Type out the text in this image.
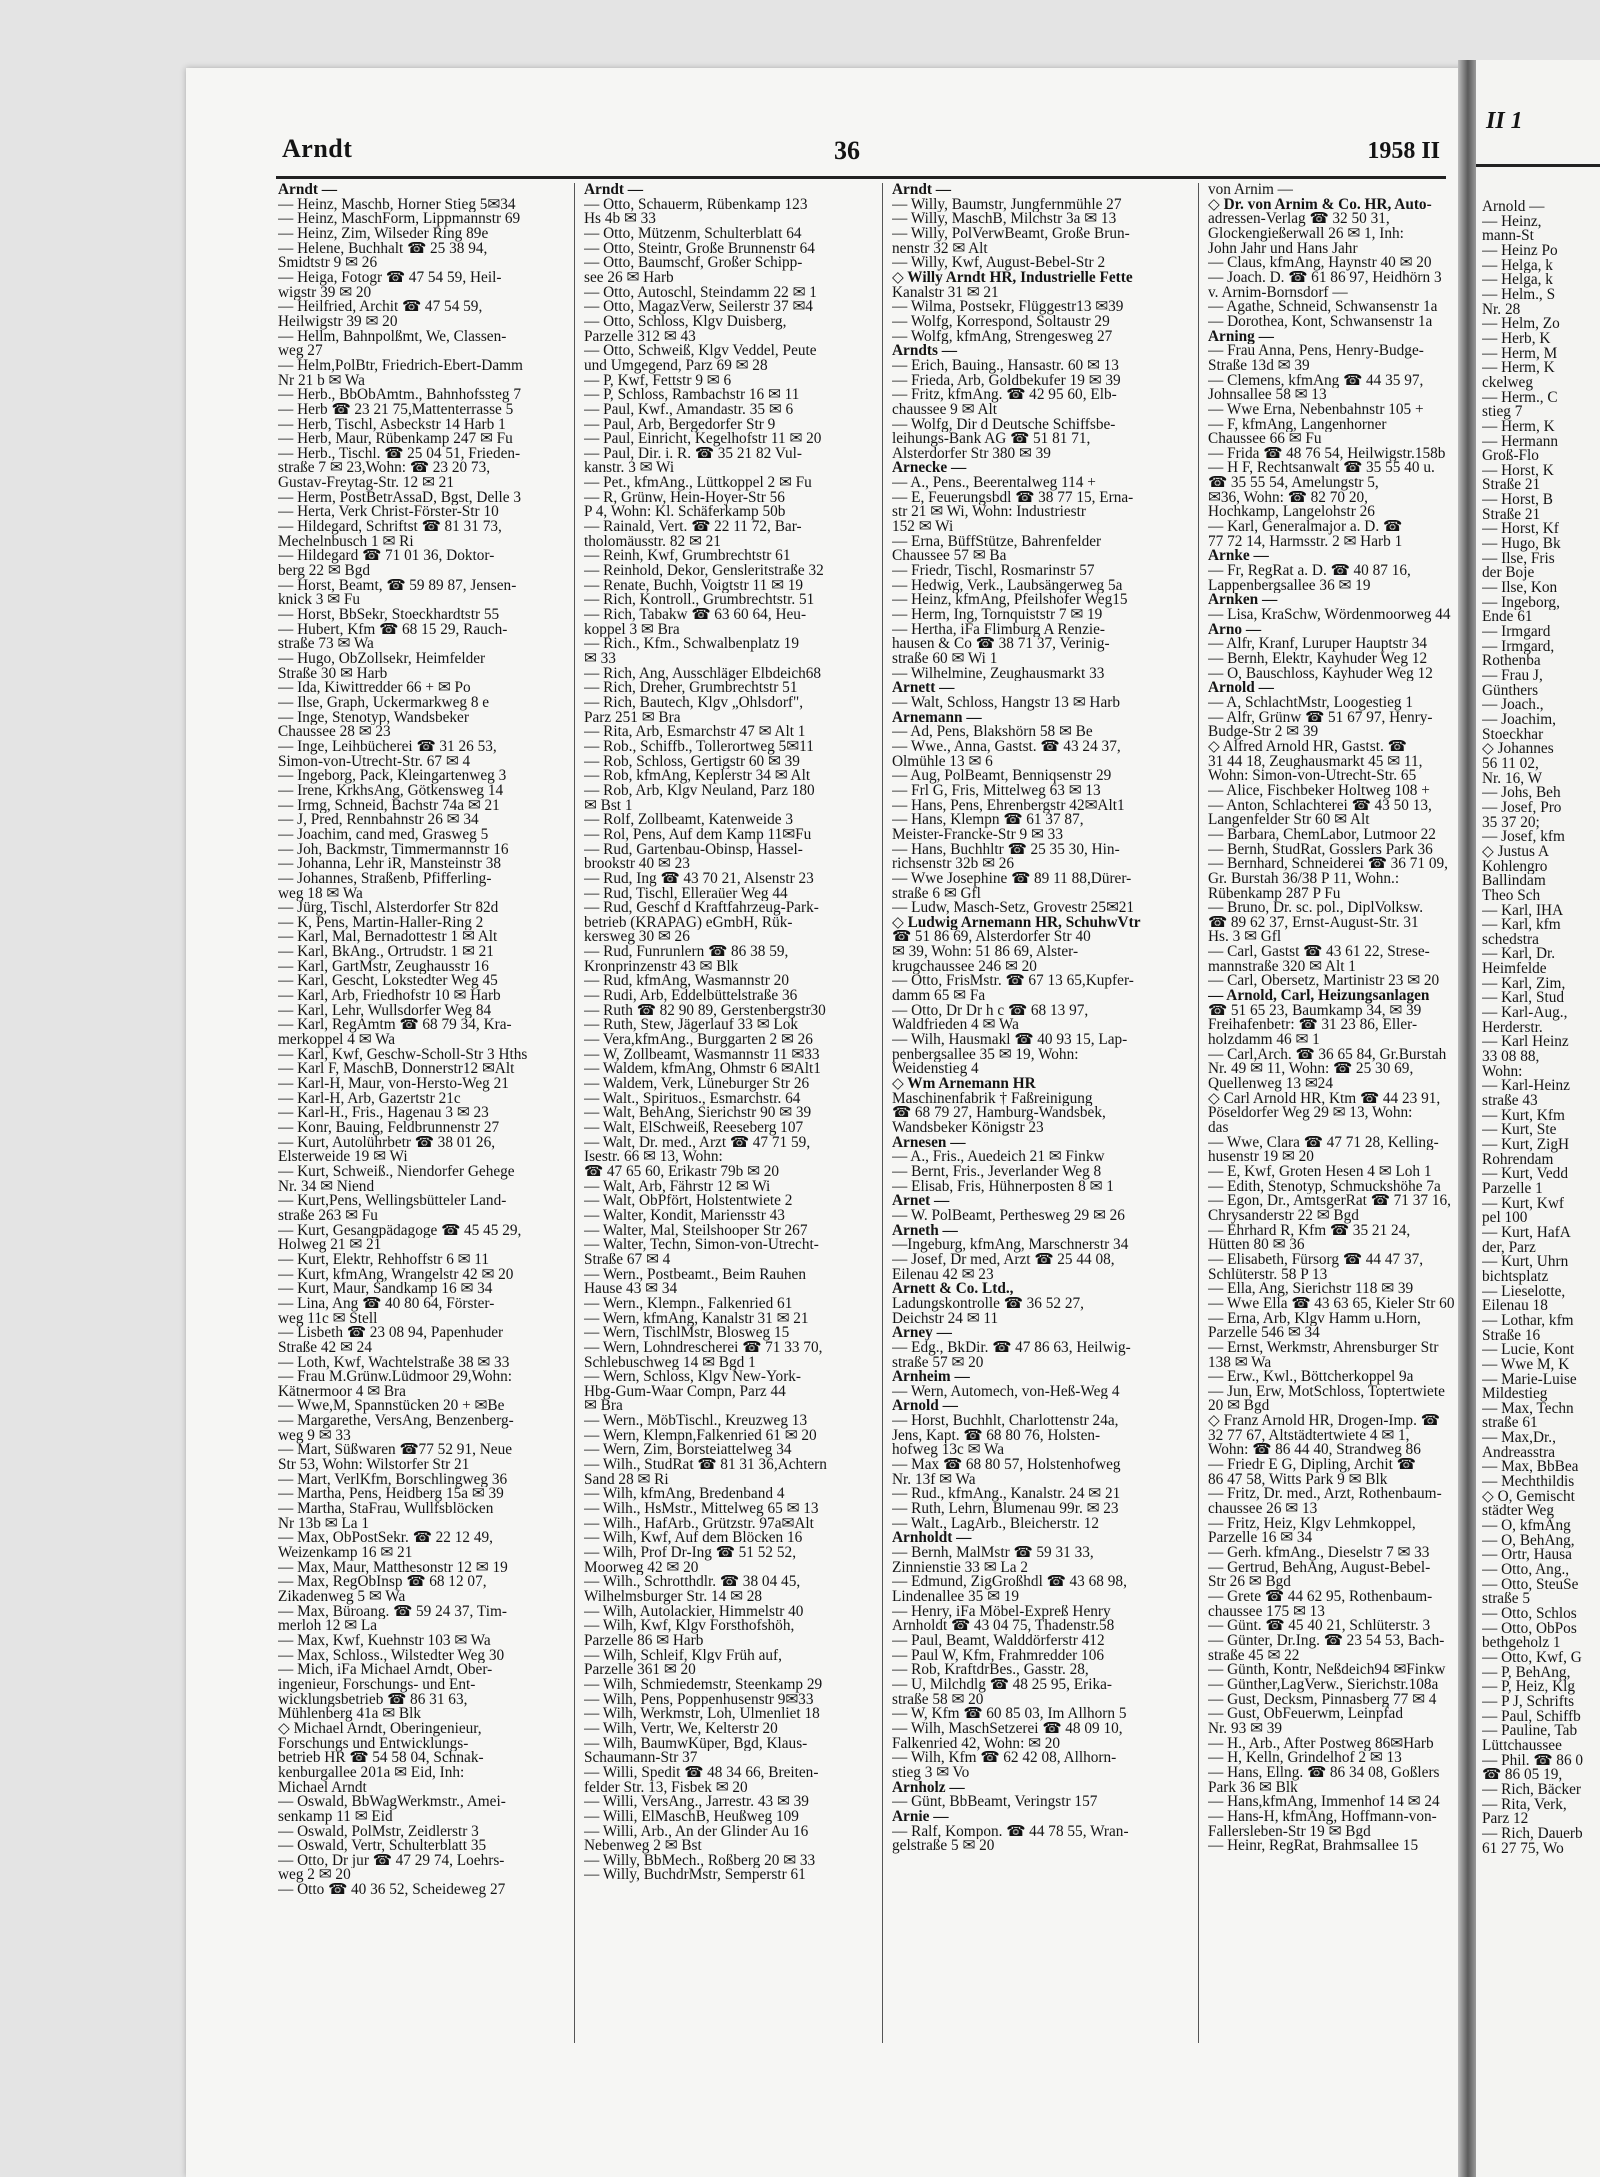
Arndt	36	1958 II

Arndt —

— Heinz, Maschb, Horner Stieg 5✉34

— Heinz, MaschForm, Lippmannstr 69

— Heinz, Zim, Wilseder Ring 89e

— Helene, Buchhalt ☎ 25 38 94,

Smidtstr 9 ✉ 26

— Heiga, Fotogr ☎ 47 54 59, Heil-

wigstr 39 ✉ 20

— Heilfried, Archit ☎ 47 54 59,

Heilwigstr 39 ✉ 20

— Hellm, Bahnpolßmt, We, Classen-

weg 27

— Helm,PolBtr, Friedrich-Ebert-Damm

Nr 21 b ✉ Wa

— Herb., BbObAmtm., Bahnhofssteg 7

— Herb ☎ 23 21 75,Mattenterrasse 5

— Herb, Tischl, Asbeckstr 14 Harb 1

— Herb, Maur, Rübenkamp 247 ✉ Fu

— Herb., Tischl. ☎ 25 04 51, Frieden-

straße 7 ✉ 23,Wohn: ☎ 23 20 73,

Gustav-Freytag-Str. 12 ✉ 21

— Herm, PostBetrAssaD, Bgst, Delle 3

— Herta, Verk Christ-Förster-Str 10

— Hildegard, Schriftst ☎ 81 31 73,

Mechelnbusch 1 ✉ Ri

— Hildegard ☎ 71 01 36, Doktor-

berg 22 ✉ Bgd

— Horst, Beamt, ☎ 59 89 87, Jensen-

knick 3 ✉ Fu

— Horst, BbSekr, Stoeckhardtstr 55

— Hubert, Kfm ☎ 68 15 29, Rauch-

straße 73 ✉ Wa

— Hugo, ObZollsekr, Heimfelder

Straße 30 ✉ Harb

— Ida, Kiwittredder 66 + ✉ Po

— Ilse, Graph, Uckermarkweg 8 e

— Inge, Stenotyp, Wandsbeker

Chaussee 28 ✉ 23

— Inge, Leihbücherei ☎ 31 26 53,

Simon-von-Utrecht-Str. 67 ✉ 4

— Ingeborg, Pack, Kleingartenweg 3

— Irene, KrkhsAng, Götkensweg 14

— Irmg, Schneid, Bachstr 74a ✉ 21

— J, Pred, Rennbahnstr 26 ✉ 34

— Joachim, cand med, Grasweg 5

— Joh, Backmstr, Timmermannstr 16

— Johanna, Lehr iR, Mansteinstr 38

— Johannes, Straßenb, Pfifferling-

weg 18 ✉ Wa

— Jürg, Tischl, Alsterdorfer Str 82d

— K, Pens, Martin-Haller-Ring 2

— Karl, Mal, Bernadottestr 1 ✉ Alt

— Karl, BkAng., Ortrudstr. 1 ✉ 21

— Karl, GartMstr, Zeughausstr 16

— Karl, Gescht, Lokstedter Weg 45

— Karl, Arb, Friedhofstr 10 ✉ Harb

— Karl, Lehr, Wullsdorfer Weg 84

— Karl, RegAmtm ☎ 68 79 34, Kra-

merkoppel 4 ✉ Wa

— Karl, Kwf, Geschw-Scholl-Str 3 Hths

— Karl F, MaschB, Donnerstr12 ✉Alt

— Karl-H, Maur, von-Hersto-Weg 21

— Karl-H, Arb, Gazertstr 21c

— Karl-H., Fris., Hagenau 3 ✉ 23

— Konr, Bauing, Feldbrunnenstr 27

— Kurt, Autolührbetr ☎ 38 01 26,

Elsterweide 19 ✉ Wi

— Kurt, Schweiß., Niendorfer Gehege

Nr. 34 ✉ Niend

— Kurt,Pens, Wellingsbütteler Land-

straße 263 ✉ Fu

— Kurt, Gesangpädagoge ☎ 45 45 29,

Holweg 21 ✉ 21

— Kurt, Elektr, Rehhoffstr 6 ✉ 11

— Kurt, kfmAng, Wrangelstr 42 ✉ 20

— Kurt, Maur, Sandkamp 16 ✉ 34

— Lina, Ang ☎ 40 80 64, Förster-

weg 11c ✉ Stell

— Lisbeth ☎ 23 08 94, Papenhuder

Straße 42 ✉ 24

— Loth, Kwf, Wachtelstraße 38 ✉ 33

— Frau M.Grünw.Lüdmoor 29,Wohn:

Kätnermoor 4 ✉ Bra

— Wwe,M, Spannstücken 20 + ✉Be

— Margarethe, VersAng, Benzenberg-

weg 9 ✉ 33

— Mart, Süßwaren ☎77 52 91, Neue

Str 53, Wohn: Wilstorfer Str 21

— Mart, VerlKfm, Borschlingweg 36

— Martha, Pens, Heidberg 15a ✉ 39

— Martha, StaFrau, Wullfsblöcken

Nr 13b ✉ La 1

— Max, ObPostSekr. ☎ 22 12 49,

Weizenkamp 16 ✉ 21

— Max, Maur, Matthesonstr 12 ✉ 19

— Max, RegObInsp ☎ 68 12 07,

Zikadenweg 5 ✉ Wa

— Max, Büroang. ☎ 59 24 37, Tim-

merloh 12 ✉ La

— Max, Kwf, Kuehnstr 103 ✉ Wa

— Max, Schloss., Wilstedter Weg 30

— Mich, iFa Michael Arndt, Ober-

ingenieur, Forschungs- und Ent-

wicklungsbetrieb ☎ 86 31 63,

Mühlenberg 41a ✉ Blk

◇ Michael Arndt, Oberingenieur,

Forschungs und Entwicklungs-

betrieb HR ☎ 54 58 04, Schnak-

kenburgallee 201a ✉ Eid, Inh:

Michael Arndt

— Oswald, BbWagWerkmstr., Amei-

senkamp 11 ✉ Eid

— Oswald, PolMstr, Zeidlerstr 3

— Oswald, Vertr, Schulterblatt 35

— Otto, Dr jur ☎ 47 29 74, Loehrs-

weg 2 ✉ 20

— Otto ☎ 40 36 52, Scheideweg 27

Arndt —

— Otto, Schauerm, Rübenkamp 123

Hs 4b ✉ 33

— Otto, Mützenm, Schulterblatt 64

— Otto, Steintr, Große Brunnenstr 64

— Otto, Baumschf, Großer Schipp-

see 26 ✉ Harb

— Otto, Autoschl, Steindamm 22 ✉ 1

— Otto, MagazVerw, Seilerstr 37 ✉4

— Otto, Schloss, Klgv Duisberg,

Parzelle 312 ✉ 43

— Otto, Schweiß, Klgv Veddel, Peute

und Umgegend, Parz 69 ✉ 28

— P, Kwf, Fettstr 9 ✉ 6

— P, Schloss, Rambachstr 16 ✉ 11

— Paul, Kwf., Amandastr. 35 ✉ 6

— Paul, Arb, Bergedorfer Str 9

— Paul, Einricht, Kegelhofstr 11 ✉ 20

— Paul, Dir. i. R. ☎ 35 21 82 Vul-

kanstr. 3 ✉ Wi

— Pet., kfmAng., Lüttkoppel 2 ✉ Fu

— R, Grünw, Hein-Hoyer-Str 56

P 4, Wohn: Kl. Schäferkamp 50b

— Rainald, Vert. ☎ 22 11 72, Bar-

tholomäusstr. 82 ✉ 21

— Reinh, Kwf, Grumbrechtstr 61

— Reinhold, Dekor, Gensleritstraße 32

— Renate, Buchh, Voigtstr 11 ✉ 19

— Rich, Kontroll., Grumbrechtstr. 51

— Rich, Tabakw ☎ 63 60 64, Heu-

koppel 3 ✉ Bra

— Rich., Kfm., Schwalbenplatz 19

✉ 33

— Rich, Ang, Ausschläger Elbdeich68

— Rich, Dreher, Grumbrechtstr 51

— Rich, Bautech, Klgv „Ohlsdorf",

Parz 251 ✉ Bra

— Rita, Arb, Esmarchstr 47 ✉ Alt 1

— Rob., Schiffb., Tollerortweg 5✉11

— Rob, Schloss, Gertigstr 60 ✉ 39

— Rob, kfmAng, Keplerstr 34 ✉ Alt

— Rob, Arb, Klgv Neuland, Parz 180

✉ Bst 1

— Rolf, Zollbeamt, Katenweide 3

— Rol, Pens, Auf dem Kamp 11✉Fu

— Rud, Gartenbau-Obinsp, Hassel-

brookstr 40 ✉ 23

— Rud, Ing ☎ 43 70 21, Alsenstr 23

— Rud, Tischl, Elleraüer Weg 44

— Rud, Geschf d Kraftfahrzeug-Park-

betrieb (KRAPAG) eGmbH, Rük-

kersweg 30 ✉ 26

— Rud, Funrunlern ☎ 86 38 59,

Kronprinzenstr 43 ✉ Blk

— Rud, kfmAng, Wasmannstr 20

— Rudi, Arb, Eddelbüttelstraße 36

— Ruth ☎ 82 90 89, Gerstenbergstr30

— Ruth, Stew, Jägerlauf 33 ✉ Lok

— Vera,kfmAng., Burggarten 2 ✉ 26

— W, Zollbeamt, Wasmannstr 11 ✉33

— Waldem, kfmAng, Ohmstr 6 ✉Alt1

— Waldem, Verk, Lüneburger Str 26

— Walt., Spirituos., Esmarchstr. 64

— Walt, BehAng, Sierichstr 90 ✉ 39

— Walt, ElSchweiß, Reeseberg 107

— Walt, Dr. med., Arzt ☎ 47 71 59,

Isestr. 66 ✉ 13, Wohn:

☎ 47 65 60, Erikastr 79b ✉ 20

— Walt, Arb, Fährstr 12 ✉ Wi

— Walt, ObPfört, Holstentwiete 2

— Walter, Kondit, Mariensstr 43

— Walter, Mal, Steilshooper Str 267

— Walter, Techn, Simon-von-Utrecht-

Straße 67 ✉ 4

— Wern., Postbeamt., Beim Rauhen

Hause 43 ✉ 34

— Wern., Klempn., Falkenried 61

— Wern, kfmAng, Kanalstr 31 ✉ 21

— Wern, TischlMstr, Blosweg 15

— Wern, Lohndrescherei ☎ 71 33 70,

Schlebuschweg 14 ✉ Bgd 1

— Wern, Schloss, Klgv New-York-

Hbg-Gum-Waar Compn, Parz 44

✉ Bra

— Wern., MöbTischl., Kreuzweg 13

— Wern, Klempn,Falkenried 61 ✉ 20

— Wern, Zim, Borsteiattelweg 34

— Wilh., StudRat ☎ 81 31 36,Achtern

Sand 28 ✉ Ri

— Wilh, kfmAng, Bredenband 4

— Wilh., HsMstr., Mittelweg 65 ✉ 13

— Wilh., HafArb., Grützstr. 97a✉Alt

— Wilh, Kwf, Auf dem Blöcken 16

— Wilh, Prof Dr-Ing ☎ 51 52 52,

Moorweg 42 ✉ 20

— Wilh., Schrotthdlr. ☎ 38 04 45,

Wilhelmsburger Str. 14 ✉ 28

— Wilh, Autolackier, Himmelstr 40

— Wilh, Kwf, Klgv Forsthofshöh,

Parzelle 86 ✉ Harb

— Wilh, Schleif, Klgv Früh auf,

Parzelle 361 ✉ 20

— Wilh, Schmiedemstr, Steenkamp 29

— Wilh, Pens, Poppenhusenstr 9✉33

— Wilh, Werkmstr, Loh, Ulmenliet 18

— Wilh, Vertr, We, Kelterstr 20

— Wilh, BaumwKüper, Bgd, Klaus-

Schaumann-Str 37

— Willi, Spedit ☎ 48 34 66, Breiten-

felder Str. 13, Fisbek ✉ 20

— Willi, VersAng., Jarrestr. 43 ✉ 39

— Willi, ElMaschB, Heußweg 109

— Willi, Arb., An der Glinder Au 16

Nebenweg 2 ✉ Bst

— Willy, BbMech., Roßberg 20 ✉ 33

— Willy, BuchdrMstr, Semperstr 61

Arndt —

— Willy, Baumstr, Jungfernmühle 27

— Willy, MaschB, Milchstr 3a ✉ 13

— Willy, PolVerwBeamt, Große Brun-

nenstr 32 ✉ Alt

— Willy, Kwf, August-Bebel-Str 2

◇ Willy Arndt HR, Industrielle Fette

Kanalstr 31 ✉ 21

— Wilma, Postsekr, Flüggestr13 ✉39

— Wolfg, Korrespond, Soltaustr 29

— Wolfg, kfmAng, Strengesweg 27

Arndts —

— Erich, Bauing., Hansastr. 60 ✉ 13

— Frieda, Arb, Goldbekufer 19 ✉ 39

— Fritz, kfmAng. ☎ 42 95 60, Elb-

chaussee 9 ✉ Alt

— Wolfg, Dir d Deutsche Schiffsbe-

leihungs-Bank AG ☎ 51 81 71,

Alsterdorfer Str 380 ✉ 39

Arnecke —

— A., Pens., Beerentalweg 114 +

— E, Feuerungsbdl ☎ 38 77 15, Erna-

str 21 ✉ Wi, Wohn: Industriestr

152 ✉ Wi

— Erna, BüffStütze, Bahrenfelder

Chaussee 57 ✉ Ba

— Friedr, Tischl, Rosmarinstr 57

— Hedwig, Verk., Laubsängerweg 5a

— Heinz, kfmAng, Pfeilshofer Weg15

— Herm, Ing, Tornquiststr 7 ✉ 19

— Hertha, iFa Flimburg A Renzie-

hausen & Co ☎ 38 71 37, Verinig-

straße 60 ✉ Wi 1

— Wilhelmine, Zeughausmarkt 33

Arnett —

— Walt, Schloss, Hangstr 13 ✉ Harb

Arnemann —

— Ad, Pens, Blakshörn 58 ✉ Be

— Wwe., Anna, Gastst. ☎ 43 24 37,

Olmühle 13 ✉ 6

— Aug, PolBeamt, Benniqsenstr 29

— Frl G, Fris, Mittelweg 63 ✉ 13

— Hans, Pens, Ehrenbergstr 42✉Alt1

— Hans, Klempn ☎ 61 37 87,

Meister-Francke-Str 9 ✉ 33

— Hans, Buchhltr ☎ 25 35 30, Hin-

richsenstr 32b ✉ 26

— Wwe Josephine ☎ 89 11 88,Dürer-

straße 6 ✉ Gfl

— Ludw, Masch-Setz, Grovestr 25✉21

◇ Ludwig Arnemann HR, SchuhwVtr

☎ 51 86 69, Alsterdorfer Str 40

✉ 39, Wohn: 51 86 69, Alster-

krugchaussee 246 ✉ 20

— Otto, FrisMstr. ☎ 67 13 65,Kupfer-

damm 65 ✉ Fa

— Otto, Dr Dr h c ☎ 68 13 97,

Waldfrieden 4 ✉ Wa

— Wilh, Hausmakl ☎ 40 93 15, Lap-

penbergsallee 35 ✉ 19, Wohn:

Weidenstieg 4

◇ Wm Arnemann HR

Maschinenfabrik † Faßreinigung

☎ 68 79 27, Hamburg-Wandsbek,

Wandsbeker Königstr 23

Arnesen —

— A., Fris., Auedeich 21 ✉ Finkw

— Bernt, Fris., Jeverlander Weg 8

— Elisab, Fris, Hühnerposten 8 ✉ 1

Arnet —

— W. PolBeamt, Perthesweg 29 ✉ 26

Arneth —

—Ingeburg, kfmAng, Marschnerstr 34

— Josef, Dr med, Arzt ☎ 25 44 08,

Eilenau 42 ✉ 23

Arnett & Co. Ltd.,

Ladungskontrolle ☎ 36 52 27,

Deichstr 24 ✉ 11

Arney —

— Edg., BkDir. ☎ 47 86 63, Heilwig-

straße 57 ✉ 20

Arnheim —

— Wern, Automech, von-Heß-Weg 4

Arnold —

— Horst, Buchhlt, Charlottenstr 24a,

Jens, Kapt. ☎ 68 80 76, Holsten-

hofweg 13c ✉ Wa

— Max ☎ 68 80 57, Holstenhofweg

Nr. 13f ✉ Wa

— Rud., kfmAng., Kanalstr. 24 ✉ 21

— Ruth, Lehrn, Blumenau 99r. ✉ 23

— Walt., LagArb., Bleicherstr. 12

Arnholdt —

— Bernh, MalMstr ☎ 59 31 33,

Zinnienstie 33 ✉ La 2

— Edmund, ZigGroßhdl ☎ 43 68 98,

Lindenallee 35 ✉ 19

— Henry, iFa Möbel-Expreß Henry

Arnholdt ☎ 43 04 75, Thadenstr.58

— Paul, Beamt, Walddörferstr 412

— Paul W, Kfm, Frahmredder 106

— Rob, KraftdrBes., Gasstr. 28,

— U, Milchdlg ☎ 48 25 95, Erika-

straße 58 ✉ 20

— W, Kfm ☎ 60 85 03, Im Allhorn 5

— Wilh, MaschSetzerei ☎ 48 09 10,

Falkenried 42, Wohn: ✉ 20

— Wilh, Kfm ☎ 62 42 08, Allhorn-

stieg 3 ✉ Vo

Arnholz —

— Günt, BbBeamt, Veringstr 157

Arnie —

— Ralf, Kompon. ☎ 44 78 55, Wran-

gelstraße 5 ✉ 20

von Arnim —

◇ Dr. von Arnim & Co. HR, Auto-

adressen-Verlag ☎ 32 50 31,

Glockengießerwall 26 ✉ 1, Inh:

John Jahr und Hans Jahr

— Claus, kfmAng, Haynstr 40 ✉ 20

— Joach. D. ☎ 61 86 97, Heidhörn 3

v. Arnim-Bornsdorf —

— Agathe, Schneid, Schwansenstr 1a

— Dorothea, Kont, Schwansenstr 1a

Arning —

— Frau Anna, Pens, Henry-Budge-

Straße 13d ✉ 39

— Clemens, kfmAng ☎ 44 35 97,

Johnsallee 58 ✉ 13

— Wwe Erna, Nebenbahnstr 105 +

— F, kfmAng, Langenhorner

Chaussee 66 ✉ Fu

— Frida ☎ 48 76 54, Heilwigstr.158b

— H F, Rechtsanwalt ☎ 35 55 40 u.

☎ 35 55 54, Amelungstr 5,

✉36, Wohn: ☎ 82 70 20,

Hochkamp, Langelohstr 26

— Karl, Generalmajor a. D. ☎

77 72 14, Harmsstr. 2 ✉ Harb 1

Arnke —

— Fr, RegRat a. D. ☎ 40 87 16,

Lappenbergsallee 36 ✉ 19

Arnken —

— Lisa, KraSchw, Wördenmoorweg 44

Arno —

— Alfr, Kranf, Luruper Hauptstr 34

— Bernh, Elektr, Kayhuder Weg 12

— O, Bauschloss, Kayhuder Weg 12

Arnold —

— A, SchlachtMstr, Loogestieg 1

— Alfr, Grünw ☎ 51 67 97, Henry-

Budge-Str 2 ✉ 39

◇ Alfred Arnold HR, Gastst. ☎

31 44 18, Zeughausmarkt 45 ✉ 11,

Wohn: Simon-von-Utrecht-Str. 65

— Alice, Fischbeker Holtweg 108 +

— Anton, Schlachterei ☎ 43 50 13,

Langenfelder Str 60 ✉ Alt

— Barbara, ChemLabor, Lutmoor 22

— Bernh, StudRat, Gosslers Park 36

— Bernhard, Schneiderei ☎ 36 71 09,

Gr. Burstah 36/38 P 11, Wohn.:

Rübenkamp 287 P Fu

— Bruno, Dr. sc. pol., DiplVolksw.

☎ 89 62 37, Ernst-August-Str. 31

Hs. 3 ✉ Gfl

— Carl, Gastst ☎ 43 61 22, Strese-

mannstraße 320 ✉ Alt 1

— Carl, Obersetz, Martinistr 23 ✉ 20

— Arnold, Carl, Heizungsanlagen

☎ 51 65 23, Baumkamp 34, ✉ 39

Freihafenbetr: ☎ 31 23 86, Eller-

holzdamm 46 ✉ 1

— Carl,Arch. ☎ 36 65 84, Gr.Burstah

Nr. 49 ✉ 11, Wohn: ☎ 25 30 69,

Quellenweg 13 ✉24

◇ Carl Arnold HR, Ktm ☎ 44 23 91,

Pöseldorfer Weg 29 ✉ 13, Wohn:

das

— Wwe, Clara ☎ 47 71 28, Kelling-

husenstr 19 ✉ 20

— E, Kwf, Groten Hesen 4 ✉ Loh 1

— Edith, Stenotyp, Schmuckshöhe 7a

— Egon, Dr., AmtsgerRat ☎ 71 37 16,

Chrysanderstr 22 ✉ Bgd

— Ehrhard R, Kfm ☎ 35 21 24,

Hütten 80 ✉ 36

— Elisabeth, Fürsorg ☎ 44 47 37,

Schlüterstr. 58 P 13

— Ella, Ang, Sierichstr 118 ✉ 39

— Wwe Ella ☎ 43 63 65, Kieler Str 60

— Erna, Arb, Klgv Hamm u.Horn,

Parzelle 546 ✉ 34

— Ernst, Werkmstr, Ahrensburger Str

138 ✉ Wa

— Erw., Kwl., Böttcherkoppel 9a

— Jun, Erw, MotSchloss, Toptertwiete

20 ✉ Bgd

◇ Franz Arnold HR, Drogen-Imp. ☎

32 77 67, Altstädtertwiete 4 ✉ 1,

Wohn: ☎ 86 44 40, Strandweg 86

— Friedr E G, Dipling, Archit ☎

86 47 58, Witts Park 9 ✉ Blk

— Fritz, Dr. med., Arzt, Rothenbaum-

chaussee 26 ✉ 13

— Fritz, Heiz, Klgv Lehmkoppel,

Parzelle 16 ✉ 34

— Gerh. kfmAng., Dieselstr 7 ✉ 33

— Gertrud, BehAng, August-Bebel-

Str 26 ✉ Bgd

— Grete ☎ 44 62 95, Rothenbaum-

chaussee 175 ✉ 13

— Günt. ☎ 45 40 21, Schlüterstr. 3

— Günter, Dr.Ing. ☎ 23 54 53, Bach-

straße 45 ✉ 22

— Günth, Kontr, Neßdeich94 ✉Finkw

— Günther,LagVerw., Sierichstr.108a

— Gust, Decksm, Pinnasberg 77 ✉ 4

— Gust, ObFeuerwm, Leinpfad

Nr. 93 ✉ 39

— H., Arb., After Postweg 86✉Harb

— H, Kelln, Grindelhof 2 ✉ 13

— Hans, Ellng. ☎ 86 34 08, Goßlers

Park 36 ✉ Blk

— Hans,kfmAng, Immenhof 14 ✉ 24

— Hans-H, kfmAng, Hoffmann-von-

Fallersleben-Str 19 ✉ Bgd

— Heinr, RegRat, Brahmsallee 15

II 1

Arnold —

— Heinz,

mann-St

— Heinz Po

— Helga, k

— Helga, k

— Helm., S

Nr. 28

— Helm, Zo

— Herb, K

— Herm, M

— Herm, K

ckelweg

— Herm., C

stieg 7

— Herm, K

— Hermann

Groß-Flo

— Horst, K

Straße 21

— Horst, B

Straße 21

— Horst, Kf

— Hugo, Bk

— Ilse, Fris

der Boje

— Ilse, Kon

— Ingeborg,

Ende 61

— Irmgard

— Irmgard,

Rothenba

— Frau J,

Günthers

— Joach.,

— Joachim,

Stoeckhar

◇ Johannes

56 11 02,

Nr. 16, W

— Johs, Beh

— Josef, Pro

35 37 20;

— Josef, kfm

◇ Justus A

Kohlengro

Ballindam

Theo Sch

— Karl, IHA

— Karl, kfm

schedstra

— Karl, Dr.

Heimfelde

— Karl, Zim,

— Karl, Stud

— Karl-Aug.,

Herderstr.

— Karl Heinz

33 08 88,

Wohn:

— Karl-Heinz

straße 43

— Kurt, Kfm

— Kurt, Ste

— Kurt, ZigH

Rohrendam

— Kurt, Vedd

Parzelle 1

— Kurt, Kwf

pel 100

— Kurt, HafA

der, Parz

— Kurt, Uhrn

bichtsplatz

— Lieselotte,

Eilenau 18

— Lothar, kfm

Straße 16

— Lucie, Kont

— Wwe M, K

— Marie-Luise

Mildestieg

— Max, Techn

straße 61

— Max,Dr.,

Andreasstra

— Max, BbBea

— Mechthildis

◇ O, Gemischt

städter Weg

— O, kfmAng

— O, BehAng,

— Ortr, Hausa

— Otto, Ang.,

— Otto, SteuSe

straße 5

— Otto, Schlos

— Otto, ObPos

bethgeholz 1

— Otto, Kwf, G

— P, BehAng,

— P, Heiz, Klg

— P J, Schrifts

— Paul, Schiffb

— Pauline, Tab

Lüttchaussee

— Phil. ☎ 86 0

☎ 86 05 19,

— Rich, Bäcker

— Rita, Verk,

Parz 12

— Rich, Dauerb

61 27 75, Wo
